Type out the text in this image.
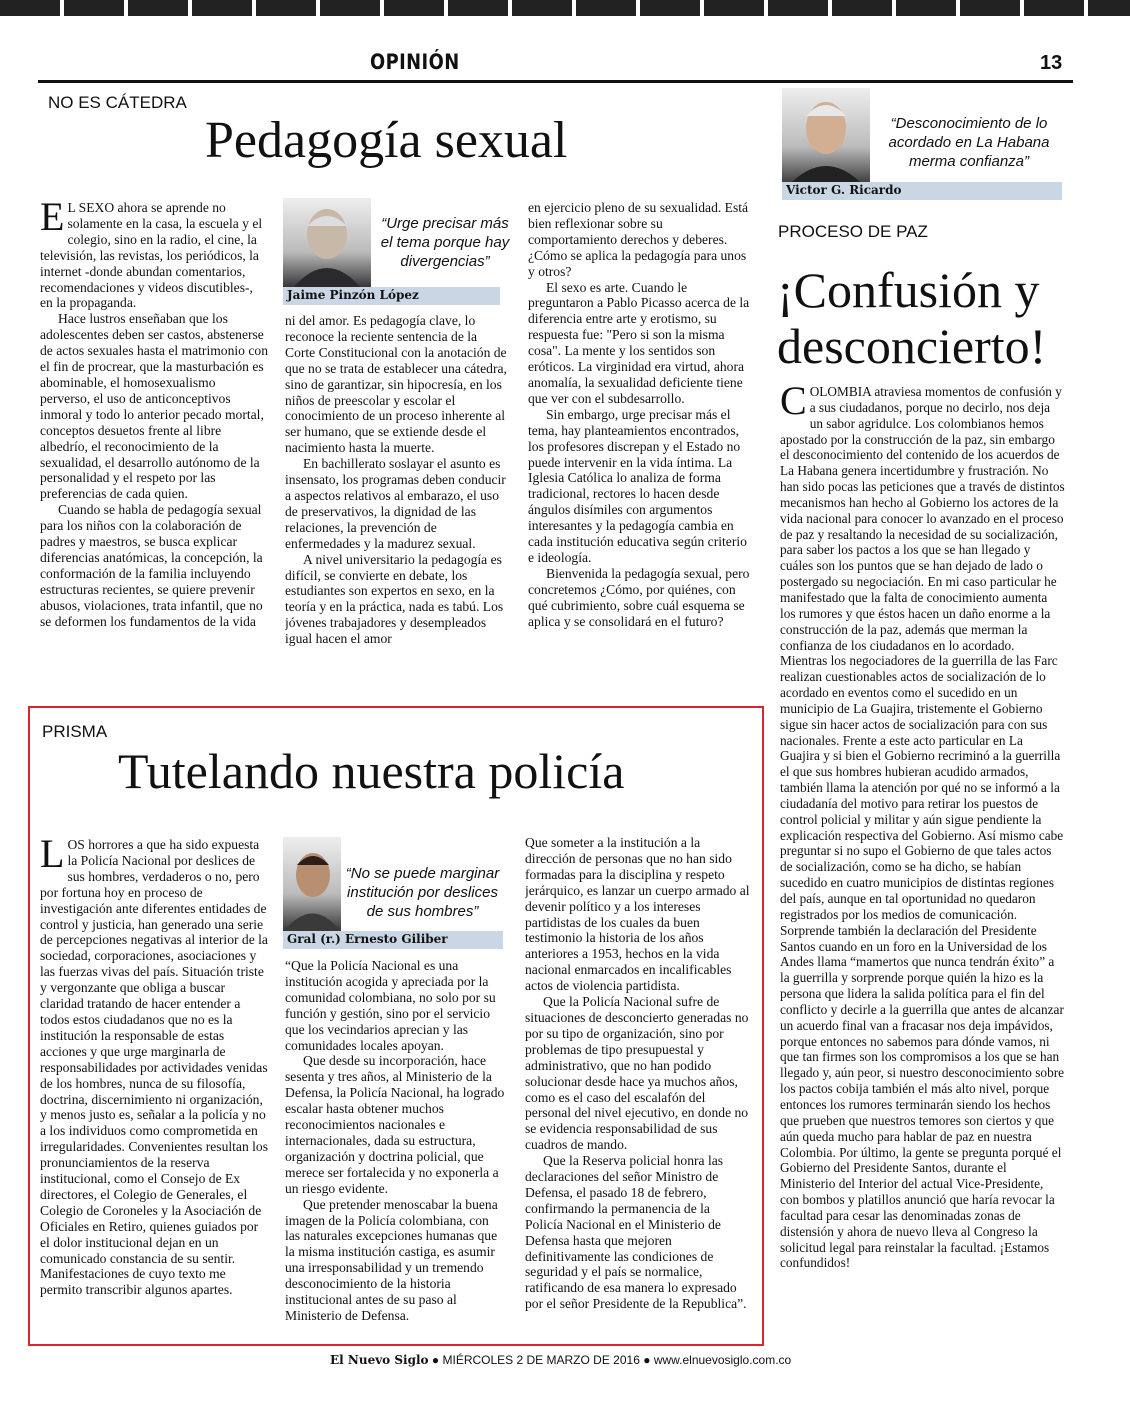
OPINIÓN	13
NO ES CÁTEDRA
Pedagogía sexual

E L SEXO ahora se aprende no solamente en la casa, la escuela y el colegio, sino en la radio, el cine, la televisión, las revistas, los periódicos, la internet -donde abundan comentarios, recomendaciones y videos discutibles-, en la propaganda.

Hace lustros enseñaban que los adolescentes deben ser castos, abstenerse de actos sexuales hasta el matrimonio con el fin de procrear, que la masturbación es abominable, el homosexualismo perverso, el uso de anticonceptivos inmoral y todo lo anterior pecado mortal, conceptos desuetos frente al libre albedrío, el reconocimiento de la sexualidad, el desarrollo autónomo de la personalidad y el respeto por las preferencias de cada quien.

Cuando se habla de pedagogía sexual para los niños con la colaboración de padres y maestros, se busca explicar diferencias anatómicas, la concepción, la conformación de la familia incluyendo estructuras recientes, se quiere prevenir abusos, violaciones, trata infantil, que no se deformen los fundamentos de la vida

“Urge precisar más el tema porque hay divergencias”
Jaime Pinzón López

ni del amor. Es pedagogía clave, lo reconoce la reciente sentencia de la Corte Constitucional con la anotación de que no se trata de establecer una cátedra, sino de garantizar, sin hipocresía, en los niños de preescolar y escolar el conocimiento de un proceso inherente al ser humano, que se extiende desde el nacimiento hasta la muerte.

En bachillerato soslayar el asunto es insensato, los programas deben conducir a aspectos relativos al embarazo, el uso de preservativos, la dignidad de las relaciones, la prevención de enfermedades y la madurez sexual.

A nivel universitario la pedagogía es difícil, se convierte en debate, los estudiantes son expertos en sexo, en la teoría y en la práctica, nada es tabú. Los jóvenes trabajadores y desempleados igual hacen el amor

en ejercicio pleno de su sexualidad. Está bien reflexionar sobre su comportamiento derechos y deberes. ¿Cómo se aplica la pedagogía para unos y otros?

El sexo es arte. Cuando le preguntaron a Pablo Picasso acerca de la diferencia entre arte y erotismo, su respuesta fue: "Pero si son la misma cosa". La mente y los sentidos son eróticos. La virginidad era virtud, ahora anomalía, la sexualidad deficiente tiene que ver con el subdesarrollo.

Sin embargo, urge precisar más el tema, hay planteamientos encontrados, los profesores discrepan y el Estado no puede intervenir en la vida íntima. La Iglesia Católica lo analiza de forma tradicional, rectores lo hacen desde ángulos disímiles con argumentos interesantes y la pedagogía cambia en cada institución educativa según criterio e ideología.

Bienvenida la pedagogía sexual, pero concretemos ¿Cómo, por quiénes, con qué cubrimiento, sobre cuál esquema se aplica y se consolidará en el futuro?

PRISMA
Tutelando nuestra policía

LOS horrores a que ha sido expuesta la Policía Nacional por deslices de sus hombres, verdaderos o no, pero por fortuna hoy en proceso de investigación ante diferentes entidades de control y justicia, han generado una serie de percepciones negativas al interior de la sociedad, corporaciones, asociaciones y las fuerzas vivas del país. Situación triste y vergonzante que obliga a buscar claridad tratando de hacer entender a todos estos ciudadanos que no es la institución la responsable de estas acciones y que urge marginarla de responsabilidades por actividades venidas de los hombres, nunca de su filosofía, doctrina, discernimiento ni organización, y menos justo es, señalar a la policía y no a los individuos como comprometida en irregularidades. Convenientes resultan los pronunciamientos de la reserva institucional, como el Consejo de Ex directores, el Colegio de Generales, el Colegio de Coroneles y la Asociación de Oficiales en Retiro, quienes guiados por el dolor institucional dejan en un comunicado constancia de su sentir. Manifestaciones de cuyo texto me permito transcribir algunos apartes.

“No se puede marginar institución por deslices de sus hombres”
Gral (r.) Ernesto Giliber

“Que la Policía Nacional es una institución acogida y apreciada por la comunidad colombiana, no solo por su función y gestión, sino por el servicio que los vecindarios aprecian y las comunidades locales apoyan.

Que desde su incorporación, hace sesenta y tres años, al Ministerio de la Defensa, la Policía Nacional, ha logrado escalar hasta obtener muchos reconocimientos nacionales e internacionales, dada su estructura, organización y doctrina policial, que merece ser fortalecida y no exponerla a un riesgo evidente.

Que pretender menoscabar la buena imagen de la Policía colombiana, con las naturales excepciones humanas que la misma institución castiga, es asumir una irresponsabilidad y un tremendo desconocimiento de la historia institucional antes de su paso al Ministerio de Defensa.

Que someter a la institución a la dirección de personas que no han sido formadas para la disciplina y respeto jerárquico, es lanzar un cuerpo armado al devenir político y a los intereses partidistas de los cuales da buen testimonio la historia de los años anteriores a 1953, hechos en la vida nacional enmarcados en incalificables actos de violencia partidista.

Que la Policía Nacional sufre de situaciones de desconcierto generadas no por su tipo de organización, sino por problemas de tipo presupuestal y administrativo, que no han podido solucionar desde hace ya muchos años, como es el caso del escalafón del personal del nivel ejecutivo, en donde no se evidencia responsabilidad de sus cuadros de mando.

Que la Reserva policial honra las declaraciones del señor Ministro de Defensa, el pasado 18 de febrero, confirmando la permanencia de la Policía Nacional en el Ministerio de Defensa hasta que mejoren definitivamente las condiciones de seguridad y el país se normalice, ratificando de esa manera lo expresado por el señor Presidente de la Republica”.

“Desconocimiento de lo acordado en La Habana merma confianza”
Victor G. Ricardo
PROCESO DE PAZ
¡Confusión y
desconcierto!

COLOMBIA atraviesa momentos de confusión y a sus ciudadanos, porque no decirlo, nos deja un sabor agridulce. Los colombianos hemos apostado por la construcción de la paz, sin embargo el desconocimiento del contenido de los acuerdos de La Habana genera incertidumbre y frustración. No han sido pocas las peticiones que a través de distintos mecanismos han hecho al Gobierno los actores de la vida nacional para conocer lo avanzado en el proceso de paz y resaltando la necesidad de su socialización, para saber los pactos a los que se han llegado y cuáles son los puntos que se han dejado de lado o postergado su negociación. En mi caso particular he manifestado que la falta de conocimiento aumenta los rumores y que éstos hacen un daño enorme a la construcción de la paz, además que merman la confianza de los ciudadanos en lo acordado.

Mientras los negociadores de la guerrilla de las Farc realizan cuestionables actos de socialización de lo acordado en eventos como el sucedido en un municipio de La Guajira, tristemente el Gobierno sigue sin hacer actos de socialización para con sus nacionales. Frente a este acto particular en La Guajira y si bien el Gobierno recriminó a la guerrilla el que sus hombres hubieran acudido armados, también llama la atención por qué no se informó a la ciudadanía del motivo para retirar los puestos de control policial y militar y aún sigue pendiente la explicación respectiva del Gobierno. Así mismo cabe preguntar si no supo el Gobierno de que tales actos de socialización, como se ha dicho, se habían sucedido en cuatro municipios de distintas regiones del país, aunque en tal oportunidad no quedaron registrados por los medios de comunicación.

Sorprende también la declaración del Presidente Santos cuando en un foro en la Universidad de los Andes llama “mamertos que nunca tendrán éxito” a la guerrilla y sorprende porque quién la hizo es la persona que lidera la salida política para el fin del conflicto y decirle a la guerrilla que antes de alcanzar un acuerdo final van a fracasar nos deja impávidos, porque entonces no sabemos para dónde vamos, ni que tan firmes son los compromisos a los que se han llegado y, aún peor, si nuestro desconocimiento sobre los pactos cobija también el más alto nivel, porque entonces los rumores terminarán siendo los hechos que prueben que nuestros temores son ciertos y que aún queda mucho para hablar de paz en nuestra Colombia. Por último, la gente se pregunta porqué el Gobierno del Presidente Santos, durante el Ministerio del Interior del actual Vice-Presidente, con bombos y platillos anunció que haría revocar la facultad para cesar las denominadas zonas de distensión y ahora de nuevo lleva al Congreso la solicitud legal para reinstalar la facultad. ¡Estamos confundidos!

El Nuevo Siglo ● MIÉRCOLES 2 DE MARZO DE 2016 ● www.elnuevosiglo.com.co
